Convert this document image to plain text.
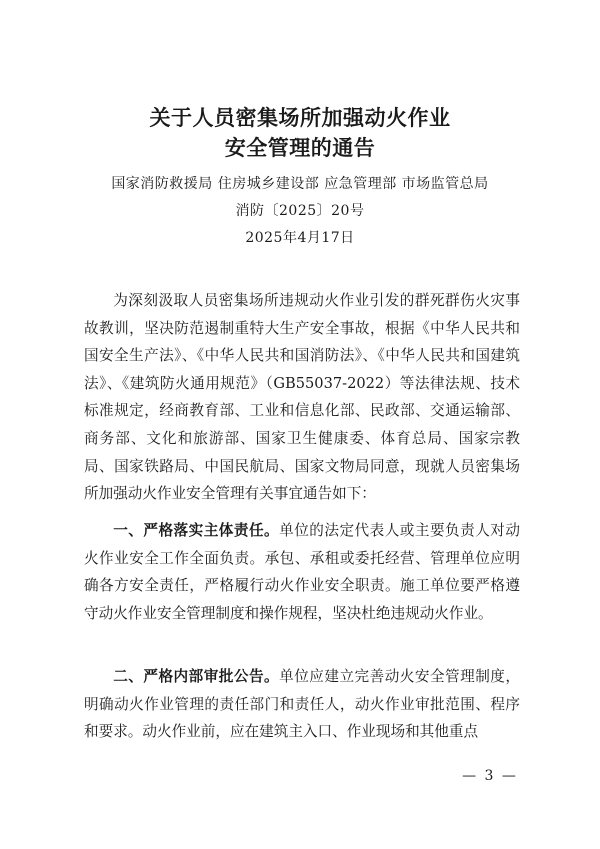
关于人员密集场所加强动火作业
安全管理的通告
国家消防救援局 住房城乡建设部 应急管理部 市场监管总局
消防〔2025〕20号
2025年4月17日

为深刻汲取人员密集场所违规动火作业引发的群死群伤火灾事故教训，坚决防范遏制重特大生产安全事故，根据《中华人民共和国安全生产法》、《中华人民共和国消防法》、《中华人民共和国建筑法》、《建筑防火通用规范》（GB55037-2022）等法律法规、技术标准规定，经商教育部、工业和信息化部、民政部、交通运输部、商务部、文化和旅游部、国家卫生健康委、体育总局、国家宗教局、国家铁路局、中国民航局、国家文物局同意，现就人员密集场所加强动火作业安全管理有关事宜通告如下：

一、严格落实主体责任。单位的法定代表人或主要负责人对动火作业安全工作全面负责。承包、承租或委托经营、管理单位应明确各方安全责任，严格履行动火作业安全职责。施工单位要严格遵守动火作业安全管理制度和操作规程，坚决杜绝违规动火作业。

二、严格内部审批公告。单位应建立完善动火安全管理制度，明确动火作业管理的责任部门和责任人，动火作业审批范围、程序和要求。动火作业前，应在建筑主入口、作业现场和其他重点

— 3 —
